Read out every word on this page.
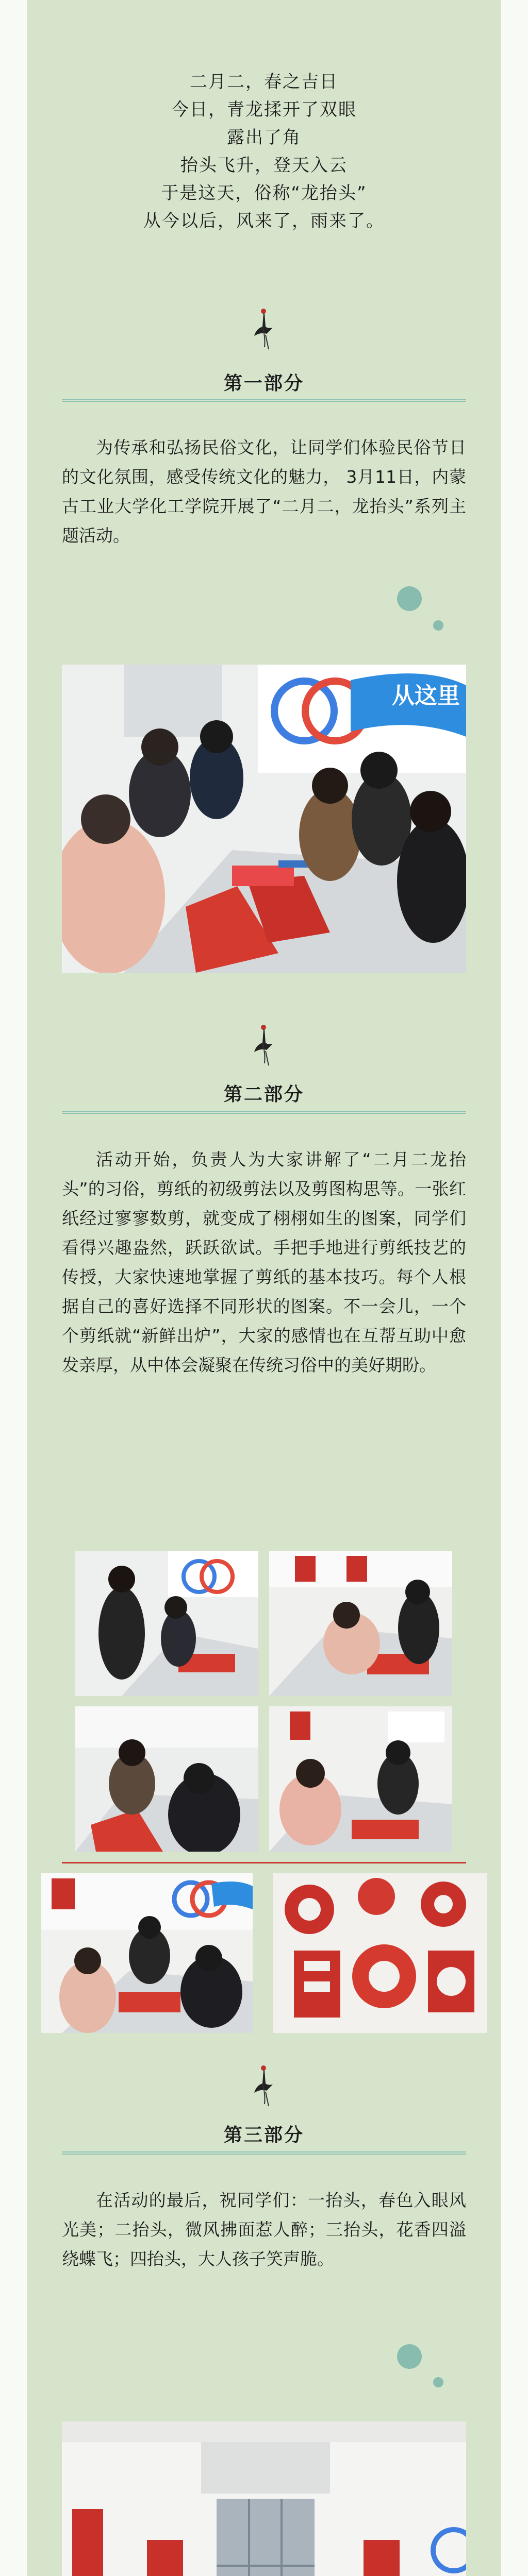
二月二，春之吉日

今日，青龙揉开了双眼

露出了角

抬头飞升，登天入云

于是这天，俗称“龙抬头”

从今以后，风来了，雨来了。

第一部分
为传承和弘扬民俗文化，让同学们体验民俗节日的文化氛围，感受传统文化的魅力， 3月11日，内蒙古工业大学化工学院开展了“二月二，龙抬头”系列主题活动。
从这里
第二部分
活动开始，负责人为大家讲解了“二月二龙抬头”的习俗，剪纸的初级剪法以及剪图构思等。一张红纸经过寥寥数剪，就变成了栩栩如生的图案，同学们看得兴趣盎然，跃跃欲试。手把手地进行剪纸技艺的传授，大家快速地掌握了剪纸的基本技巧。每个人根据自己的喜好选择不同形状的图案。不一会儿，一个个剪纸就“新鲜出炉”，大家的感情也在互帮互助中愈发亲厚，从中体会凝聚在传统习俗中的美好期盼。
第三部分
在活动的最后，祝同学们：一抬头，春色入眼风光美；二抬头，微风拂面惹人醉；三抬头，花香四溢绕蝶飞；四抬头，大人孩子笑声脆。
